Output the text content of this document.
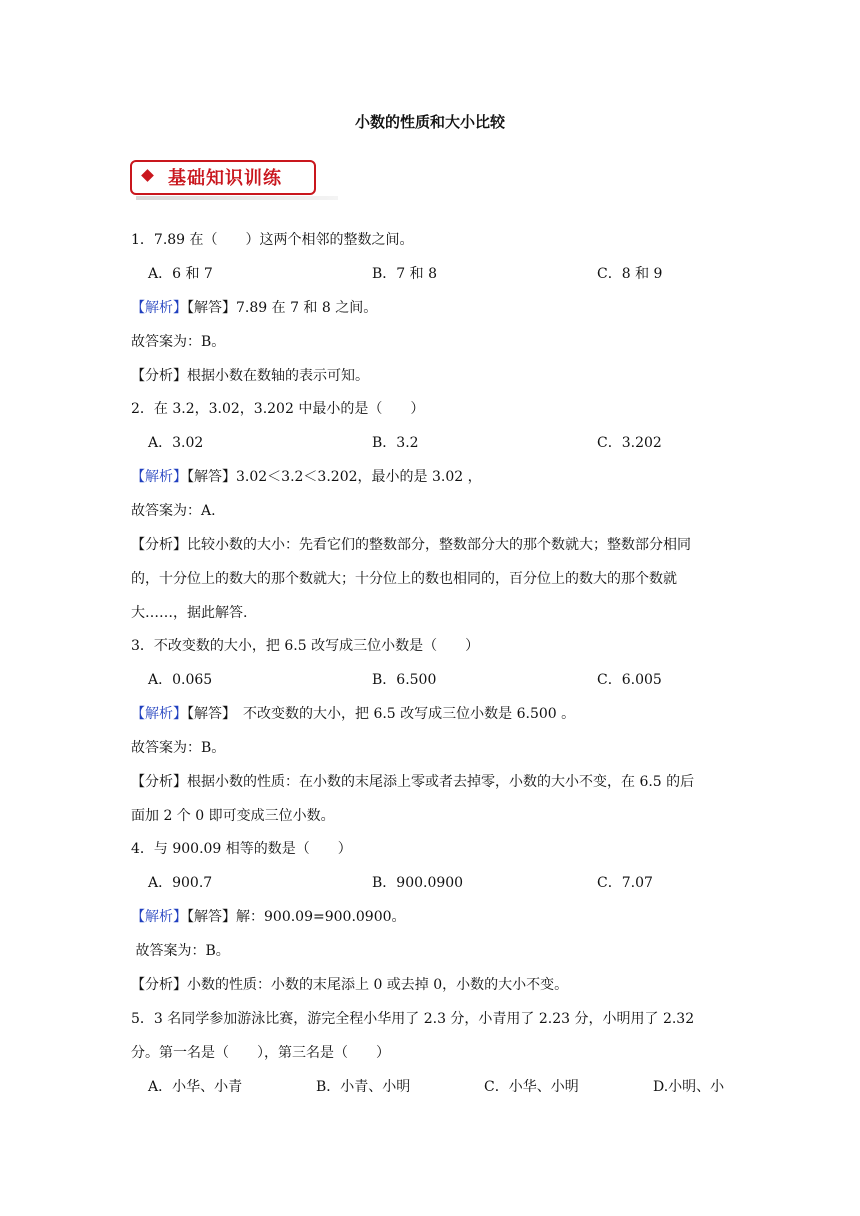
小数的性质和大小比较
基础知识训练
1．7.89 在（　　）这两个相邻的整数之间。
A．6 和 7	B．7 和 8	C．8 和 9
【解析】【解答】7.89 在 7 和 8 之间。
故答案为：B。
【分析】根据小数在数轴的表示可知。
2．在 3.2，3.02，3.202 中最小的是（　　）
A．3.02	B．3.2	C．3.202
【解析】【解答】3.02＜3.2＜3.202，最小的是 3.02 ，
故答案为：A.
【分析】比较小数的大小：先看它们的整数部分，整数部分大的那个数就大；整数部分相同
的，十分位上的数大的那个数就大；十分位上的数也相同的，百分位上的数大的那个数就
大……，据此解答.
3．不改变数的大小，把 6.5 改写成三位小数是（　　）
A．0.065	B．6.500	C．6.005
【解析】【解答】　不改变数的大小，把 6.5 改写成三位小数是 6.500 。
故答案为：B。
【分析】根据小数的性质：在小数的末尾添上零或者去掉零，小数的大小不变，在 6.5 的后
面加 2 个 0 即可变成三位小数。
4．与 900.09 相等的数是（　　）
A．900.7	B．900.0900	C．7.07
【解析】【解答】解：900.09=900.0900。
故答案为：B。
【分析】小数的性质：小数的末尾添上 0 或去掉 0，小数的大小不变。
5．3 名同学参加游泳比赛，游完全程小华用了 2.3 分，小青用了 2.23 分，小明用了 2.32
分。第一名是（　　），第三名是（　　）
A．小华、小青	B．小青、小明	C．小华、小明	D.小明、小
